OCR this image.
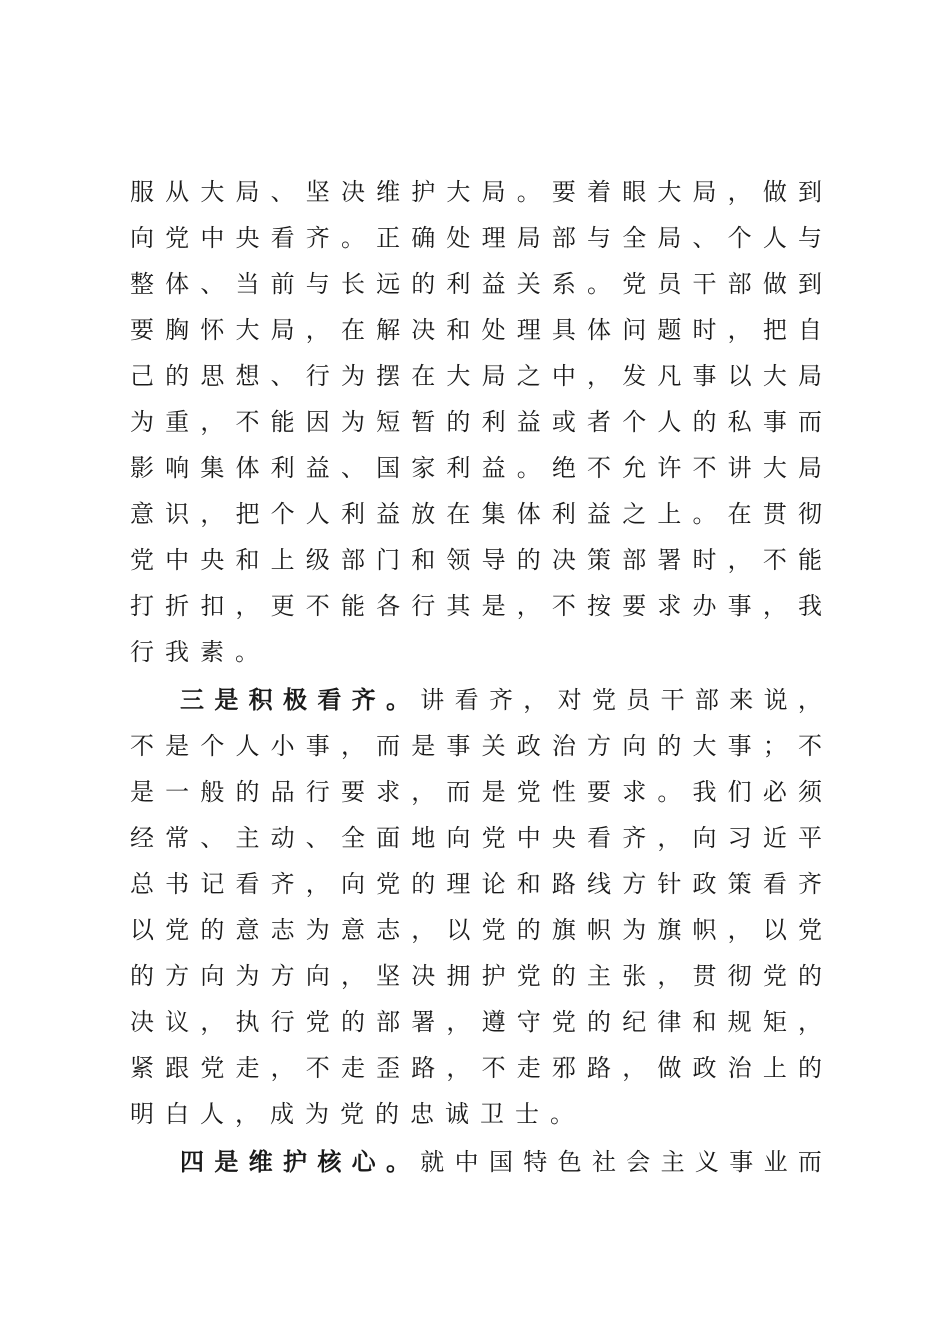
服 从 大 局 、 坚 决 维 护 大 局 。 要 着 眼 大 局 ， 做 到
向 党 中 央 看 齐 。 正 确 处 理 局 部 与 全 局 、 个 人 与
整 体 、 当 前 与 长 远 的 利 益 关 系 。 党 员 干 部 做 到
要 胸 怀 大 局 ， 在 解 决 和 处 理 具 体 问 题 时 ， 把 自
己 的 思 想 、 行 为 摆 在 大 局 之 中 ， 发 凡 事 以 大 局
为 重 ， 不 能 因 为 短 暂 的 利 益 或 者 个 人 的 私 事 而
影 响 集 体 利 益 、 国 家 利 益 。 绝 不 允 许 不 讲 大 局
意 识 ， 把 个 人 利 益 放 在 集 体 利 益 之 上 。 在 贯 彻
党 中 央 和 上 级 部 门 和 领 导 的 决 策 部 署 时 ， 不 能
打 折 扣 ， 更 不 能 各 行 其 是 ， 不 按 要 求 办 事 ， 我
行 我 素 。
三 是 积 极 看 齐 。 讲 看 齐 ， 对 党 员 干 部 来 说 ，
不 是 个 人 小 事 ， 而 是 事 关 政 治 方 向 的 大 事 ； 不
是 一 般 的 品 行 要 求 ， 而 是 党 性 要 求 。 我 们 必 须
经 常 、 主 动 、 全 面 地 向 党 中 央 看 齐 ， 向 习 近 平
总 书 记 看 齐 ， 向 党 的 理 论 和 路 线 方 针 政 策 看 齐
以 党 的 意 志 为 意 志 ， 以 党 的 旗 帜 为 旗 帜 ， 以 党
的 方 向 为 方 向 ， 坚 决 拥 护 党 的 主 张 ， 贯 彻 党 的
决 议 ， 执 行 党 的 部 署 ， 遵 守 党 的 纪 律 和 规 矩 ，
紧 跟 党 走 ， 不 走 歪 路 ， 不 走 邪 路 ， 做 政 治 上 的
明 白 人 ， 成 为 党 的 忠 诚 卫 士 。
四 是 维 护 核 心 。 就 中 国 特 色 社 会 主 义 事 业 而
